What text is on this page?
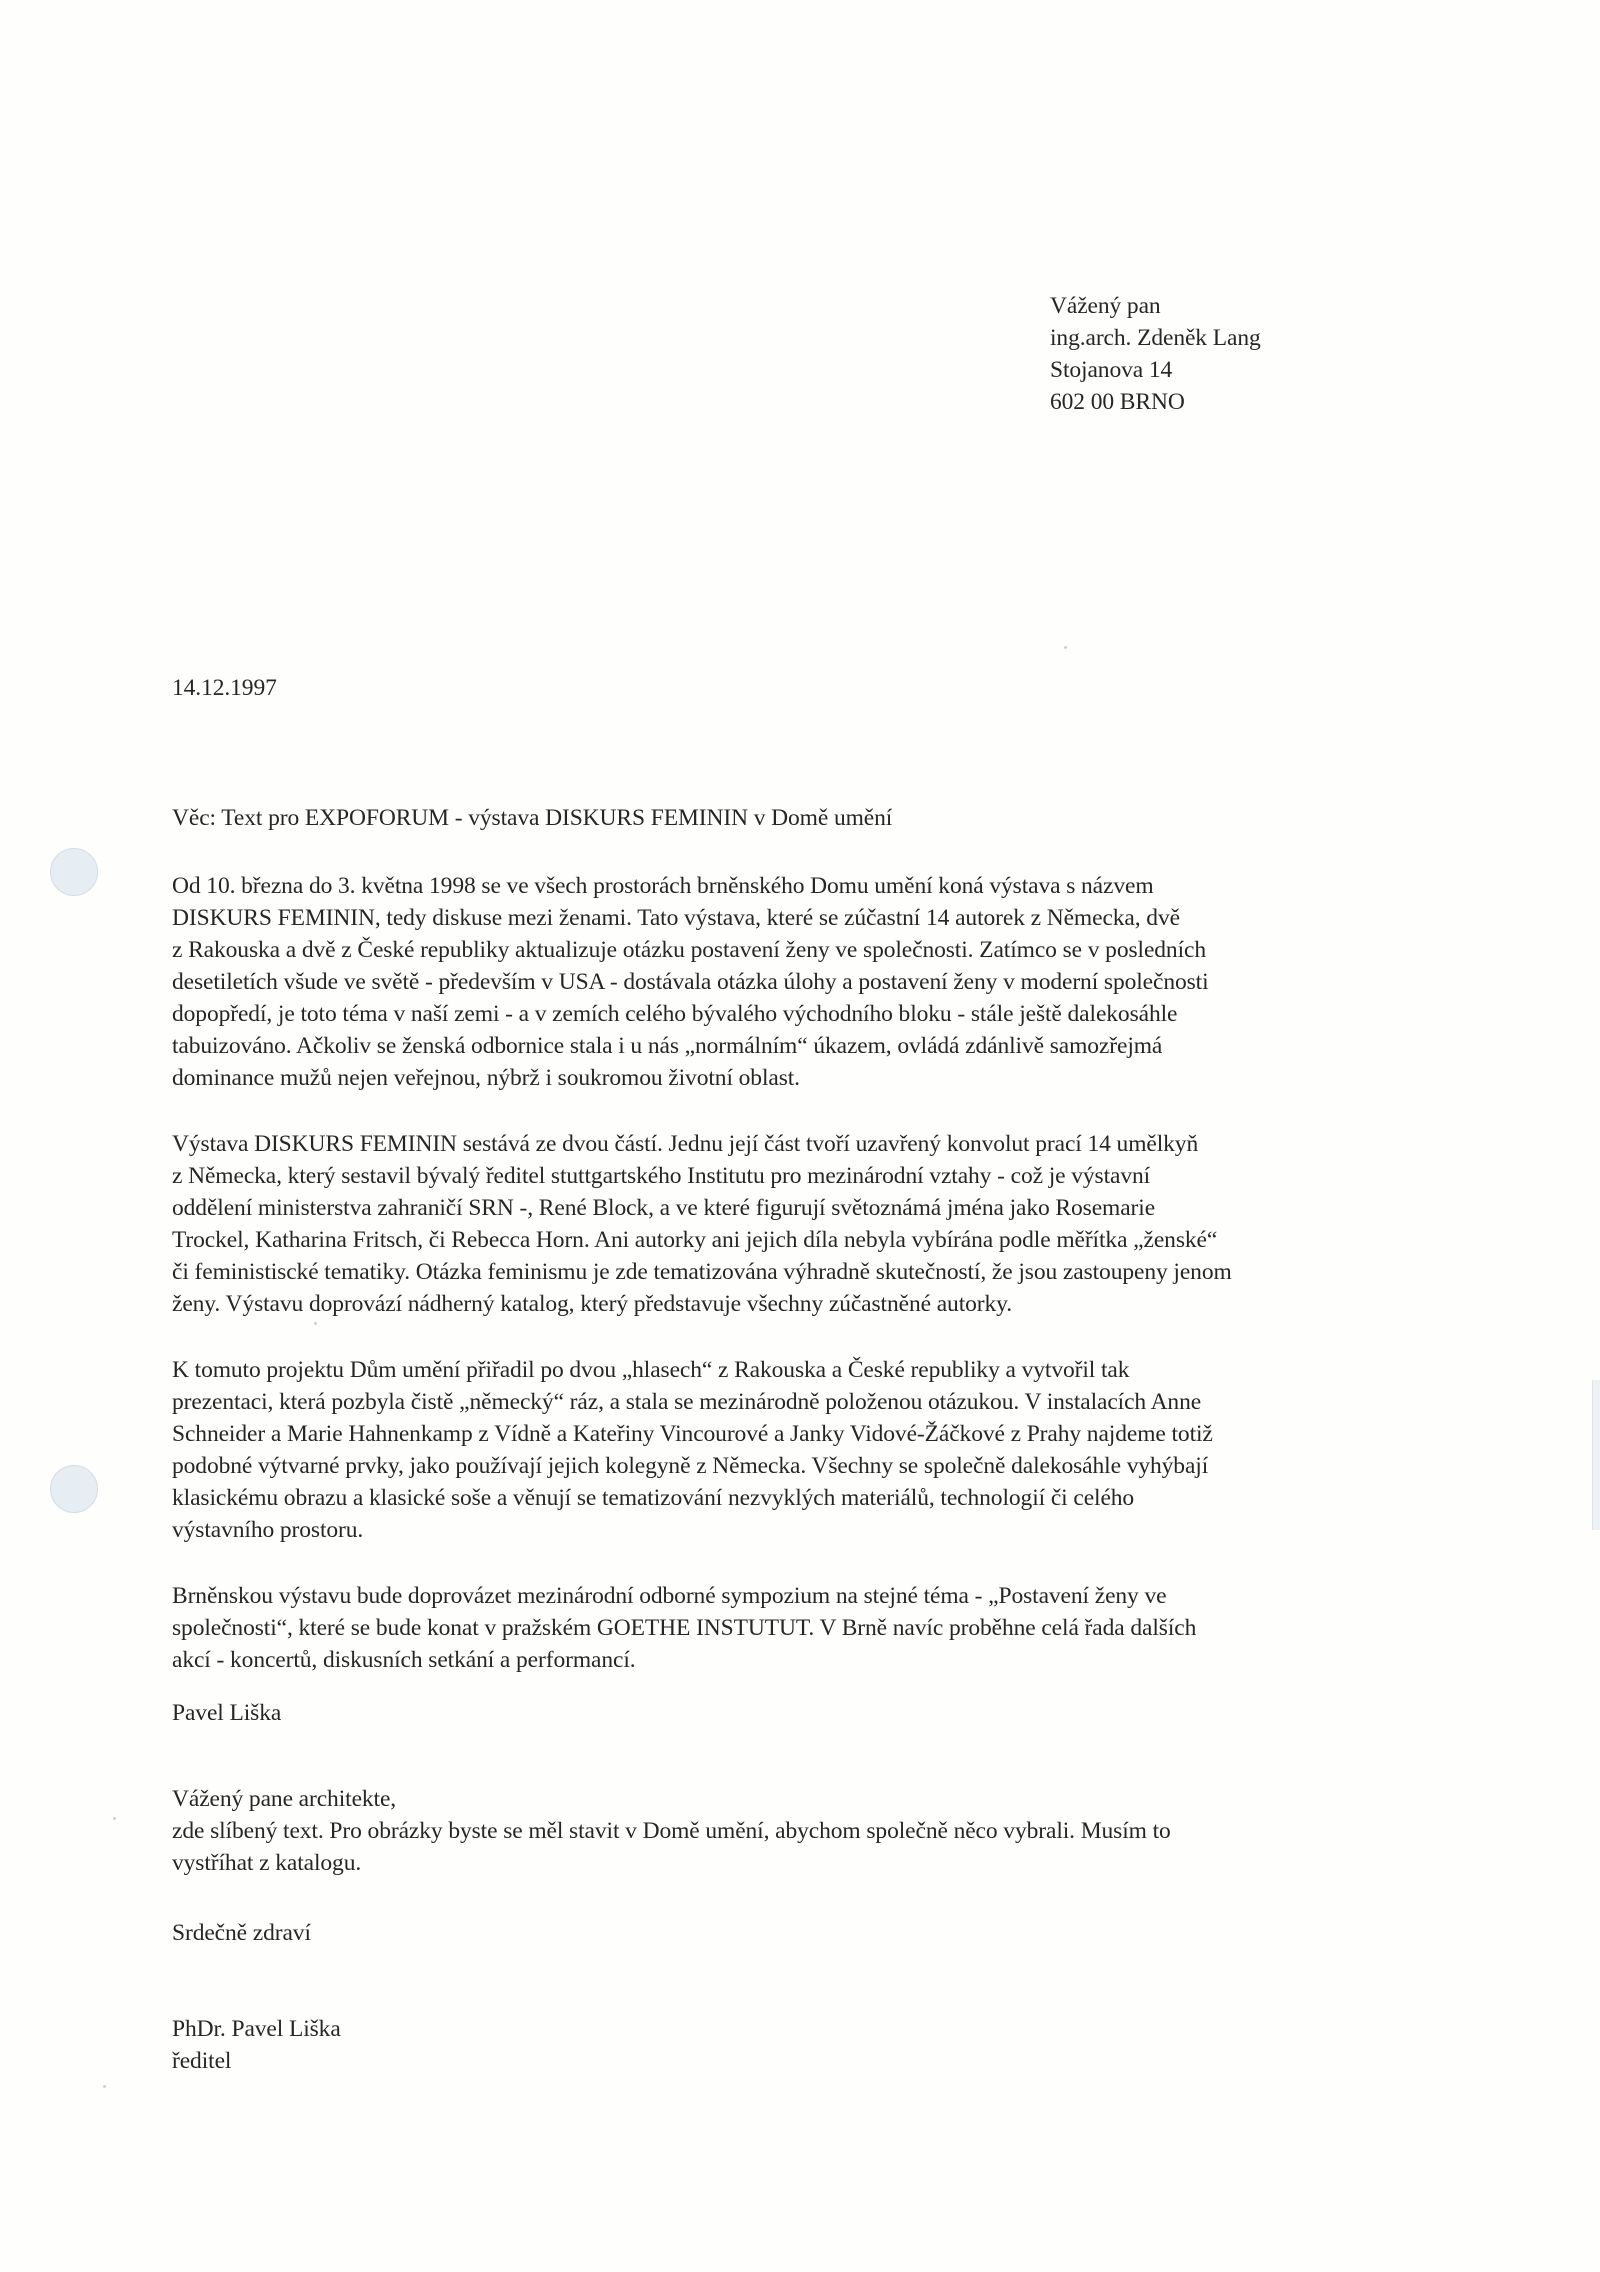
Vážený pan
ing.arch. Zdeněk Lang
Stojanova 14
602 00 BRNO
14.12.1997
Věc: Text pro EXPOFORUM - výstava DISKURS FEMININ v Domě umění

Od 10. března do 3. května 1998 se ve všech prostorách brněnského Domu umění koná výstava s názvem
DISKURS FEMININ, tedy diskuse mezi ženami. Tato výstava, které se zúčastní 14 autorek z Německa, dvě
z Rakouska a dvě z České republiky aktualizuje otázku postavení ženy ve společnosti. Zatímco se v posledních
desetiletích všude ve světě - především v USA - dostávala otázka úlohy a postavení ženy v moderní společnosti
dopopředí, je toto téma v naší zemi - a v zemích celého bývalého východního bloku - stále ještě dalekosáhle
tabuizováno. Ačkoliv se ženská odbornice stala i u nás „normálním“ úkazem, ovládá zdánlivě samozřejmá
dominance mužů nejen veřejnou, nýbrž i soukromou životní oblast.

Výstava DISKURS FEMININ sestává ze dvou částí. Jednu její část tvoří uzavřený konvolut prací 14 umělkyň
z Německa, který sestavil bývalý ředitel stuttgartského Institutu pro mezinárodní vztahy - což je výstavní
oddělení ministerstva zahraničí SRN -, René Block, a ve které figurují světoznámá jména jako Rosemarie
Trockel, Katharina Fritsch, či Rebecca Horn. Ani autorky ani jejich díla nebyla vybírána podle měřítka „ženské“
či feministiscké tematiky. Otázka feminismu je zde tematizována výhradně skutečností, že jsou zastoupeny jenom
ženy. Výstavu doprovází nádherný katalog, který představuje všechny zúčastněné autorky.

K tomuto projektu Dům umění přiřadil po dvou „hlasech“ z Rakouska a České republiky a vytvořil tak
prezentaci, která pozbyla čistě „německý“ ráz, a stala se mezinárodně položenou otázukou. V instalacích Anne
Schneider a Marie Hahnenkamp z Vídně a Kateřiny Vincourové a Janky Vidové-Žáčkové z Prahy najdeme totiž
podobné výtvarné prvky, jako používají jejich kolegyně z Německa. Všechny se společně dalekosáhle vyhýbají
klasickému obrazu a klasické soše a věnují se tematizování nezvyklých materiálů, technologií či celého
výstavního prostoru.

Brněnskou výstavu bude doprovázet mezinárodní odborné sympozium na stejné téma - „Postavení ženy ve
společnosti“, které se bude konat v pražském GOETHE INSTUTUT. V Brně navíc proběhne celá řada dalších
akcí - koncertů, diskusních setkání a performancí.

Pavel Liška
Vážený pane architekte,
zde slíbený text. Pro obrázky byste se měl stavit v Domě umění, abychom společně něco vybrali. Musím to
vystříhat z katalogu.
Srdečně zdraví
PhDr. Pavel Liška
ředitel
